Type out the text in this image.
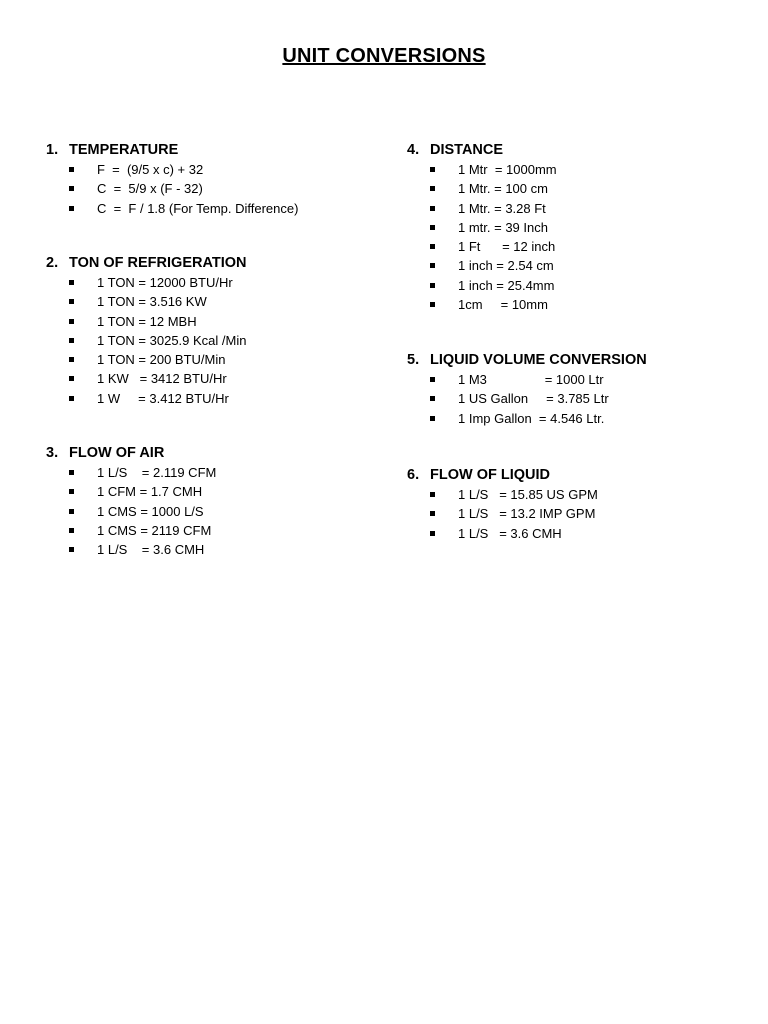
UNIT CONVERSIONS
1. TEMPERATURE
F  =  (9/5 x c) + 32
C  =  5/9 x (F - 32)
C  =  F / 1.8 (For Temp. Difference)
2. TON OF REFRIGERATION
1 TON = 12000 BTU/Hr
1 TON = 3.516 KW
1 TON = 12 MBH
1 TON = 3025.9 Kcal /Min
1 TON = 200 BTU/Min
1 KW   = 3412 BTU/Hr
1 W     = 3.412 BTU/Hr
3. FLOW OF AIR
1 L/S    = 2.119 CFM
1 CFM = 1.7 CMH
1 CMS = 1000 L/S
1 CMS = 2119 CFM
1 L/S    = 3.6 CMH
4. DISTANCE
1 Mtr  = 1000mm
1 Mtr. = 100 cm
1 Mtr. = 3.28 Ft
1 mtr. = 39 Inch
1 Ft      = 12 inch
1 inch = 2.54 cm
1 inch = 25.4mm
1cm     = 10mm
5. LIQUID VOLUME CONVERSION
1 M3                = 1000 Ltr
1 US Gallon     = 3.785 Ltr
1 Imp Gallon  = 4.546 Ltr.
6. FLOW OF LIQUID
1 L/S   = 15.85 US GPM
1 L/S   = 13.2 IMP GPM
1 L/S   = 3.6 CMH
